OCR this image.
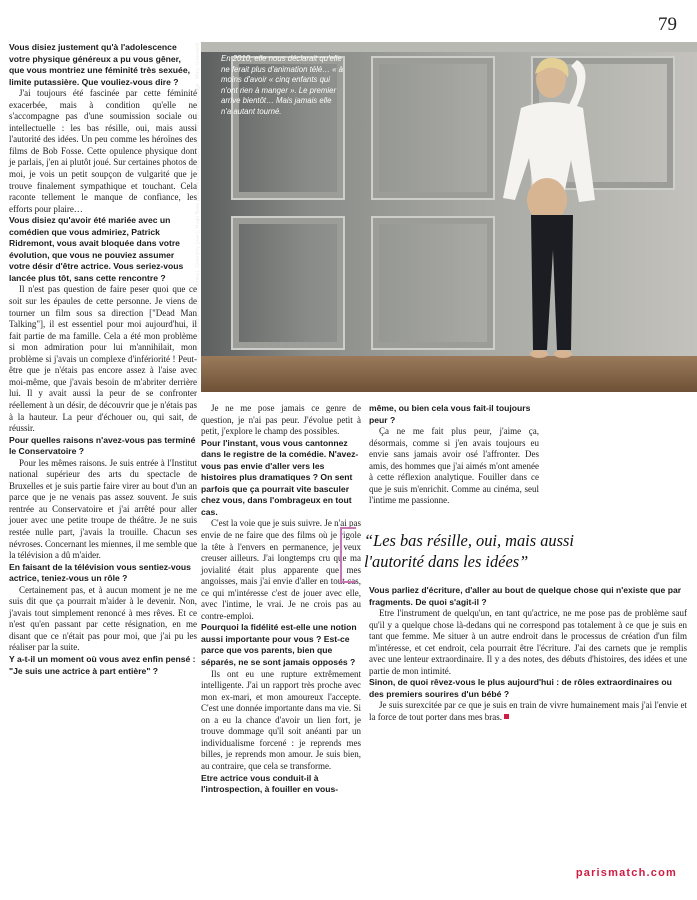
79
En 2010, elle nous déclarait qu'elle ne ferait plus d'animation télé… « à moins d'avoir « cinq enfants qui n'ont rien à manger ». Le premier arrive bientôt… Mais jamais elle n'a autant tourné.
Stylisme : Chiara Fossa. Zadig & Voltaire (chemise), Givenchy (jean), Hugo Boss (sous-vêtements). Coiffure : Julien Dys. Maquillage : Mary Greenwell.

Vous disiez justement qu'à l'adolescence votre physique généreux a pu vous gêner, que vous montriez une féminité très sexuée, limite putassière. Que vouliez-vous dire ?

J'ai toujours été fascinée par cette féminité exacerbée, mais à condition qu'elle ne s'accompagne pas d'une soumission sociale ou intellectuelle : les bas résille, oui, mais aussi l'autorité des idées. Un peu comme les héroïnes des films de Bob Fosse. Cette opulence physique dont je parlais, j'en ai plutôt joué. Sur certaines photos de moi, je vois un petit soupçon de vulgarité que je trouve finalement sympathique et touchant. Cela raconte tellement le manque de confiance, les efforts pour plaire…

Vous disiez qu'avoir été mariée avec un comédien que vous admiriez, Patrick Ridremont, vous avait bloquée dans votre évolution, que vous ne pouviez assumer votre désir d'être actrice. Vous seriez-vous lancée plus tôt, sans cette rencontre ?

Il n'est pas question de faire peser quoi que ce soit sur les épaules de cette personne. Je viens de tourner un film sous sa direction ["Dead Man Talking"], il est essentiel pour moi aujourd'hui, il fait partie de ma famille. Cela a été mon problème si mon admiration pour lui m'annihilait, mon problème si j'avais un complexe d'infériorité ! Peut-être que je n'étais pas encore assez à l'aise avec moi-même, que j'avais besoin de m'abriter derrière lui. Il y avait aussi la peur de se confronter réellement à un désir, de découvrir que je n'étais pas à la hauteur. La peur d'échouer ou, qui sait, de réussir.

Pour quelles raisons n'avez-vous pas terminé le Conservatoire ?

Pour les mêmes raisons. Je suis entrée à l'Institut national supérieur des arts du spectacle de Bruxelles et je suis partie faire virer au bout d'un an parce que je ne venais pas assez souvent. Je suis rentrée au Conservatoire et j'ai arrêté pour aller jouer avec une petite troupe de théâtre. Je ne suis restée nulle part, j'avais la trouille. Chacun ses névroses. Concernant les miennes, il me semble que la télévision a dû m'aider.

En faisant de la télévision vous sentiez-vous actrice, teniez-vous un rôle ?

Certainement pas, et à aucun moment je ne me suis dit que ça pourrait m'aider à le devenir. Non, j'avais tout simplement renoncé à mes rêves. Et ce n'est qu'en passant par cette résignation, en me disant que ce n'était pas pour moi, que j'ai pu les réaliser par la suite.

Y a-t-il un moment où vous avez enfin pensé : "Je suis une actrice à part entière" ?

Je ne me pose jamais ce genre de question, je n'ai pas peur. J'évolue petit à petit, j'explore le champ des possibles.

Pour l'instant, vous vous cantonnez dans le registre de la comédie. N'avez-vous pas envie d'aller vers les histoires plus dramatiques ? On sent parfois que ça pourrait vite basculer chez vous, dans l'ombrageux en tout cas.

C'est la voie que je suis suivre. Je n'ai pas envie de ne faire que des films où je rigole la tête à l'envers en permanence, je veux creuser ailleurs. J'ai longtemps cru que ma jovialité était plus apparente que mes angoisses, mais j'ai envie d'aller en tout cas, ce qui m'intéresse c'est de jouer avec elle, avec l'intime, le vrai. Je ne crois pas au contre-emploi.

Pourquoi la fidélité est-elle une notion aussi importante pour vous ? Est-ce parce que vos parents, bien que séparés, ne se sont jamais opposés ?

Ils ont eu une rupture extrêmement intelligente. J'ai un rapport très proche avec mon ex-mari, et mon amoureux l'accepte. C'est une donnée importante dans ma vie. Si on a eu la chance d'avoir un lien fort, je trouve dommage qu'il soit anéanti par un individualisme forcené : je reprends mes billes, je reprends mon amour. Je suis bien, au contraire, que cela se transforme.

Etre actrice vous conduit-il à l'introspection, à fouiller en vous-

même, ou bien cela vous fait-il toujours peur ?

Ça ne me fait plus peur, j'aime ça, désormais, comme si j'en avais toujours eu envie sans jamais avoir osé l'affronter. Des amis, des hommes que j'ai aimés m'ont amenée à cette réflexion analytique. Fouiller dans ce que je suis m'enrichit. Comme au cinéma, seul l'intime me passionne.

“Les bas résille, oui, mais aussi l'autorité dans les idées”

Vous parliez d'écriture, d'aller au bout de quelque chose qui n'existe que par fragments. De quoi s'agit-il ?

Etre l'instrument de quelqu'un, en tant qu'actrice, ne me pose pas de problème sauf qu'il y a quelque chose là-dedans qui ne correspond pas totalement à ce que je suis en tant que femme. Me situer à un autre endroit dans le processus de création d'un film m'intéresse, et cet endroit, cela pourrait être l'écriture. J'ai des carnets que je remplis avec une lenteur extraordinaire. Il y a des notes, des débuts d'histoires, des idées et une partie de mon intimité.

Sinon, de quoi rêvez-vous le plus aujourd'hui : de rôles extraordinaires ou des premiers sourires d'un bébé ?

Je suis surexcitée par ce que je suis en train de vivre humainement mais j'ai l'envie et la force de tout porter dans mes bras.

parismatch.com
